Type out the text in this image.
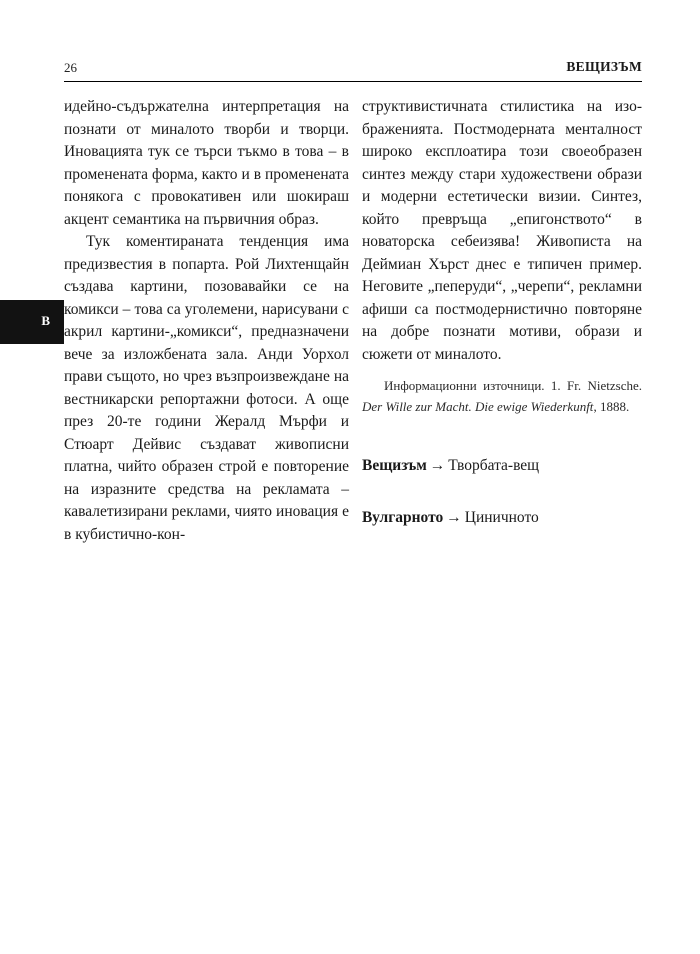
26	ВЕЩИЗЪМ
В

идейно-съдържателна интерпретация на познати от миналото творби и творци. Иновацията тук се търси тъкмо в това – в променената форма, както и в променената понякога с провокативен или шокираш акцент семантика на първичния образ.

Тук коментираната тенденция има предизвестия в попарта. Рой Лихтенщайн създава картини, позовавайки се на комикси – това са уголемени, нарисувани с акрил картини-„комикси“, предназначени вече за изложбената зала. Анди Уорхол прави същото, но чрез възпроизвеждане на вестникарски репортажни фотоси. А още през 20-те години Жералд Мърфи и Стюарт Дейвис създават живописни платна, чийто образен строй е повторение на изразните средства на рекламата – кавалетизирани реклами, чиято иновация е в кубистично-кон-

структивистичната стилистика на изображенията. Постмодерната менталност широко експлоатира този своеобразен синтез между стари художествени образи и модерни естетически визии. Синтез, който превръща „епигонството“ в новаторска себеизява! Живописта на Деймиан Хърст днес е типичен пример. Неговите „пеперуди“, „черепи“, рекламни афиши са постмодернистично повторяне на добре познати мотиви, образи и сюжети от миналото.

Информационни източници. 1. Fr. Nietzsche. Der Wille zur Macht. Die ewige Wiederkunft, 1888.

Вещизъм → Творбата-вещ

Вулгарното → Циничното
